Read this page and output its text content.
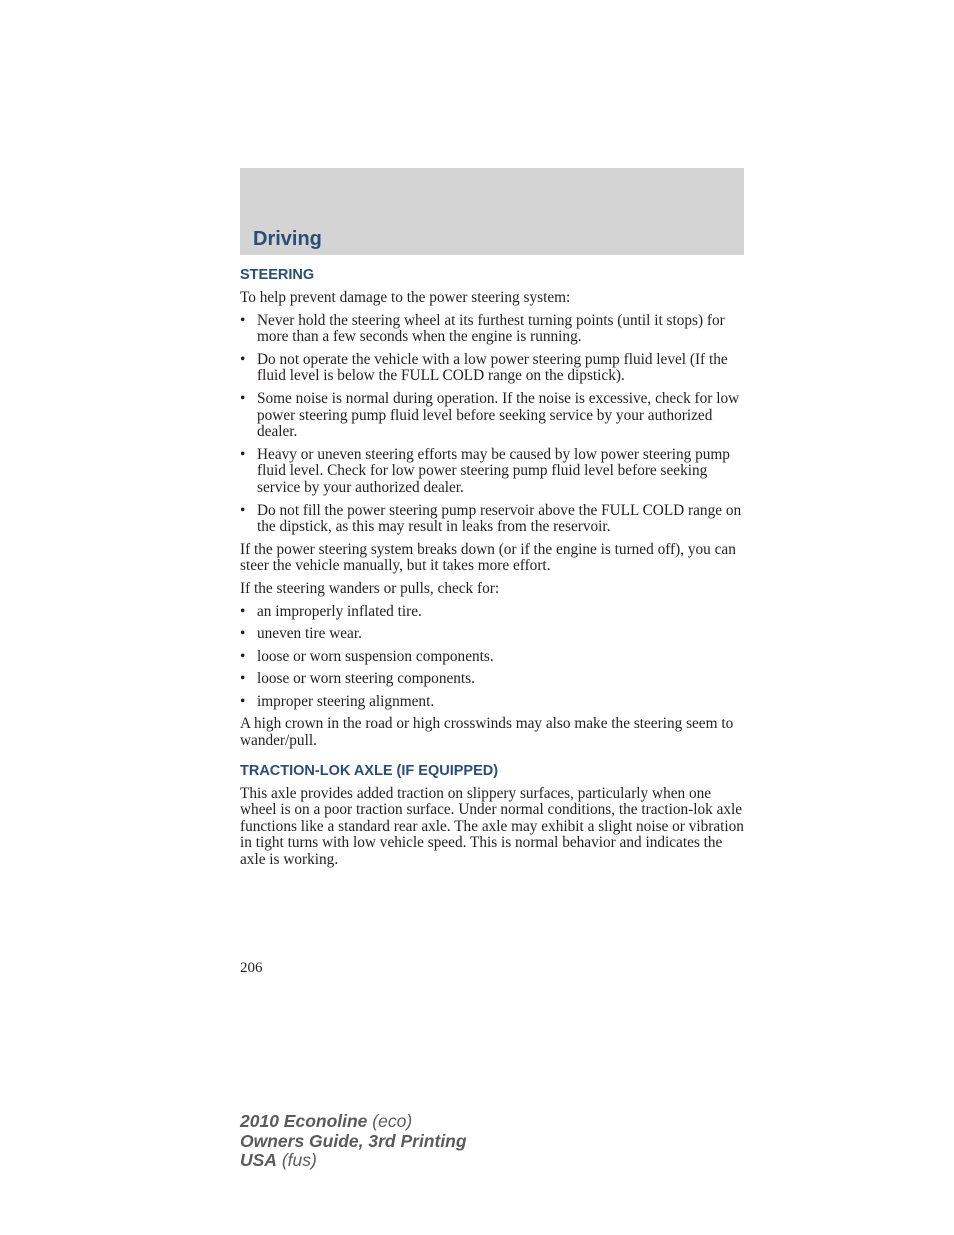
Driving
STEERING

To help prevent damage to the power steering system:

• Never hold the steering wheel at its furthest turning points (until it stops) for more than a few seconds when the engine is running.
• Do not operate the vehicle with a low power steering pump fluid level (If the fluid level is below the FULL COLD range on the dipstick).
• Some noise is normal during operation. If the noise is excessive, check for low power steering pump fluid level before seeking service by your authorized dealer.
• Heavy or uneven steering efforts may be caused by low power steering pump fluid level. Check for low power steering pump fluid level before seeking service by your authorized dealer.
• Do not fill the power steering pump reservoir above the FULL COLD range on the dipstick, as this may result in leaks from the reservoir.

If the power steering system breaks down (or if the engine is turned off), you can steer the vehicle manually, but it takes more effort.

If the steering wanders or pulls, check for:

• an improperly inflated tire.
• uneven tire wear.
• loose or worn suspension components.
• loose or worn steering components.
• improper steering alignment.

A high crown in the road or high crosswinds may also make the steering seem to wander/pull.

TRACTION-LOK AXLE (IF EQUIPPED)

This axle provides added traction on slippery surfaces, particularly when one wheel is on a poor traction surface. Under normal conditions, the traction-lok axle functions like a standard rear axle. The axle may exhibit a slight noise or vibration in tight turns with low vehicle speed. This is normal behavior and indicates the axle is working.

206
2010 Econoline (eco)
Owners Guide, 3rd Printing
USA (fus)
